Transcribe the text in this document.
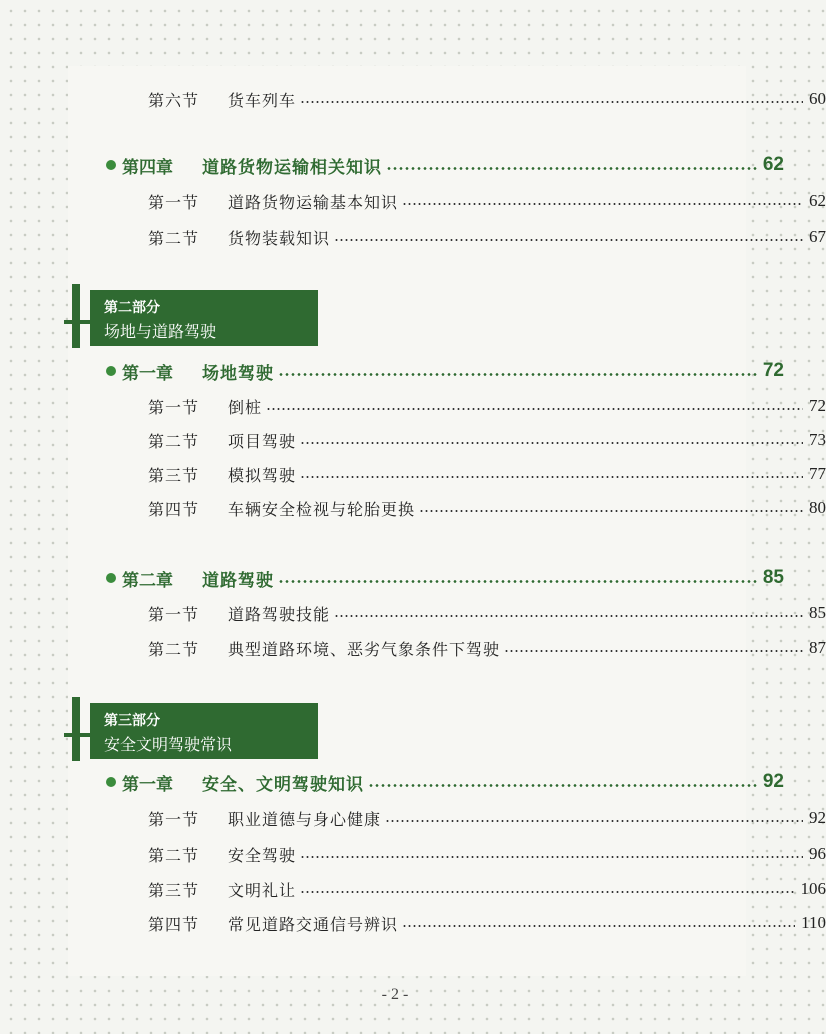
第六节	货车列车	60
第四章	道路货物运输相关知识	62
第一节	道路货物运输基本知识	62
第二节	货物装载知识	67
第二部分
场地与道路驾驶
第一章	场地驾驶	72
第一节	倒桩	72
第二节	项目驾驶	73
第三节	模拟驾驶	77
第四节	车辆安全检视与轮胎更换	80
第二章	道路驾驶	85
第一节	道路驾驶技能	85
第二节	典型道路环境、恶劣气象条件下驾驶	87
第三部分
安全文明驾驶常识
第一章	安全、文明驾驶知识	92
第一节	职业道德与身心健康	92
第二节	安全驾驶	96
第三节	文明礼让	106
第四节	常见道路交通信号辨识	110
- 2 -
